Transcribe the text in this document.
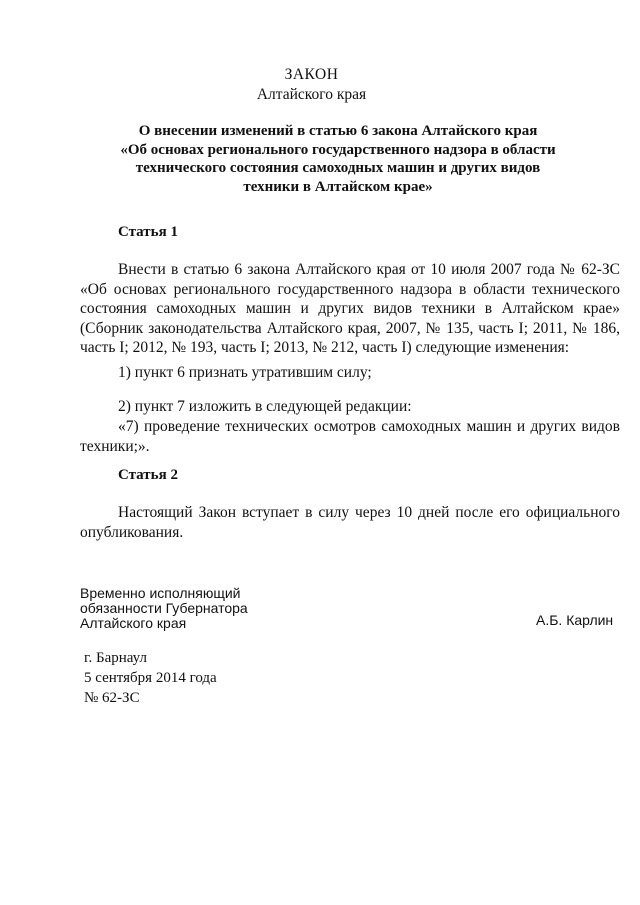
ЗАКОН
Алтайского края
О внесении изменений в статью 6 закона Алтайского края
«Об основах регионального государственного надзора в области
технического состояния самоходных машин и других видов
техники в Алтайском крае»
Статья 1
Внести в статью 6 закона Алтайского края от 10 июля 2007 года № 62-ЗС
«Об основах регионального государственного надзора в области технического
состояния самоходных машин и других видов техники в Алтайском крае»
(Сборник законодательства Алтайского края, 2007, № 135, часть I; 2011, № 186,
часть I; 2012, № 193, часть I; 2013, № 212, часть I) следующие изменения:
1) пункт 6 признать утратившим силу;
2) пункт 7 изложить в следующей редакции:
«7) проведение технических осмотров самоходных машин и других видов
техники;».
Статья 2
Настоящий Закон вступает в силу через 10 дней после его официального
опубликования.
Временно исполняющий
обязанности Губернатора
Алтайского края	А.Б. Карлин
г. Барнаул
5 сентября 2014 года
№ 62-ЗС
